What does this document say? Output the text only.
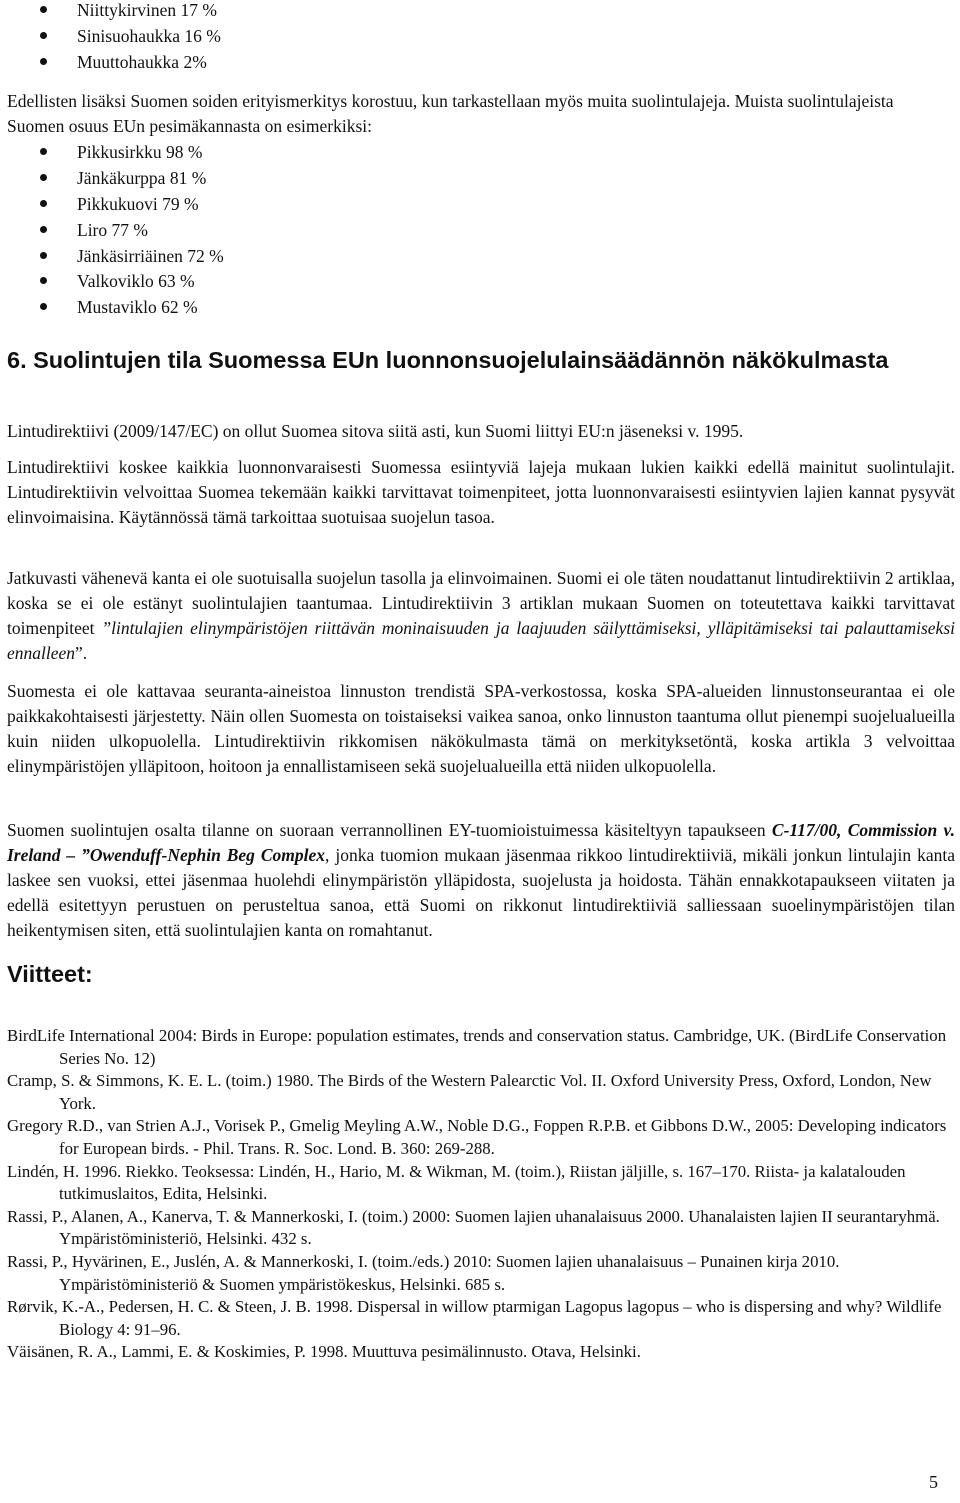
Niittykirvinen 17 %
Sinisuohaukka 16 %
Muuttohaukka 2%

Edellisten lisäksi Suomen soiden erityismerkitys korostuu, kun tarkastellaan myös muita suolintulajeja. Muista suolintulajeista Suomen osuus EUn pesimäkannasta on esimerkiksi:

Pikkusirkku 98 %
Jänkäkurppa 81 %
Pikkukuovi 79 %
Liro 77 %
Jänkäsirriäinen 72 %
Valkoviklo 63 %
Mustaviklo 62 %
6. Suolintujen tila Suomessa EUn luonnonsuojelulainsäädännön näkökulmasta

Lintudirektiivi (2009/147/EC) on ollut Suomea sitova siitä asti, kun Suomi liittyi EU:n jäseneksi v. 1995.

Lintudirektiivi koskee kaikkia luonnonvaraisesti Suomessa esiintyviä lajeja mukaan lukien kaikki edellä mainitut suolintulajit. Lintudirektiivin velvoittaa Suomea tekemään kaikki tarvittavat toimenpiteet, jotta luonnonvaraisesti esiintyvien lajien kannat pysyvät elinvoimaisina. Käytännössä tämä tarkoittaa suotuisaa suojelun tasoa.

Jatkuvasti vähenevä kanta ei ole suotuisalla suojelun tasolla ja elinvoimainen. Suomi ei ole täten noudattanut lintudirektiivin 2 artiklaa, koska se ei ole estänyt suolintulajien taantumaa. Lintudirektiivin 3 artiklan mukaan Suomen on toteutettava kaikki tarvittavat toimenpiteet ”lintulajien elinympäristöjen riittävän moninaisuuden ja laajuuden säilyttämiseksi, ylläpitämiseksi tai palauttamiseksi ennalleen”.

Suomesta ei ole kattavaa seuranta-aineistoa linnuston trendistä SPA-verkostossa, koska SPA-alueiden linnustonseurantaa ei ole paikkakohtaisesti järjestetty. Näin ollen Suomesta on toistaiseksi vaikea sanoa, onko linnuston taantuma ollut pienempi suojelualueilla kuin niiden ulkopuolella. Lintudirektiivin rikkomisen näkökulmasta tämä on merkityksetöntä, koska artikla 3 velvoittaa elinympäristöjen ylläpitoon, hoitoon ja ennallistamiseen sekä suojelualueilla että niiden ulkopuolella.

Suomen suolintujen osalta tilanne on suoraan verrannollinen EY-tuomioistuimessa käsiteltyyn tapaukseen C-117/00, Commission v. Ireland – ”Owenduff-Nephin Beg Complex, jonka tuomion mukaan jäsenmaa rikkoo lintudirektiiviä, mikäli jonkun lintulajin kanta laskee sen vuoksi, ettei jäsenmaa huolehdi elinympäristön ylläpidosta, suojelusta ja hoidosta. Tähän ennakkotapaukseen viitaten ja edellä esitettyyn perustuen on perusteltua sanoa, että Suomi on rikkonut lintudirektiiviä salliessaan suoelinympäristöjen tilan heikentymisen siten, että suolintulajien kanta on romahtanut.

Viitteet:
BirdLife International 2004: Birds in Europe: population estimates, trends and conservation status. Cambridge, UK. (BirdLife Conservation Series No. 12)
Cramp, S. & Simmons, K. E. L. (toim.) 1980. The Birds of the Western Palearctic Vol. II. Oxford University Press, Oxford, London, New York.
Gregory R.D., van Strien A.J., Vorisek P., Gmelig Meyling A.W., Noble D.G., Foppen R.P.B. et Gibbons D.W., 2005: Developing indicators for European birds. - Phil. Trans. R. Soc. Lond. B. 360: 269-288.
Lindén, H. 1996. Riekko. Teoksessa: Lindén, H., Hario, M. & Wikman, M. (toim.), Riistan jäljille, s. 167–170. Riista- ja kalatalouden tutkimuslaitos, Edita, Helsinki.
Rassi, P., Alanen, A., Kanerva, T. & Mannerkoski, I. (toim.) 2000: Suomen lajien uhanalaisuus 2000. Uhanalaisten lajien II seurantaryhmä. Ympäristöministeriö, Helsinki. 432 s.
Rassi, P., Hyvärinen, E., Juslén, A. & Mannerkoski, I. (toim./eds.) 2010: Suomen lajien uhanalaisuus – Punainen kirja 2010. Ympäristöministeriö & Suomen ympäristökeskus, Helsinki. 685 s.
Rørvik, K.-A., Pedersen, H. C. & Steen, J. B. 1998. Dispersal in willow ptarmigan Lagopus lagopus – who is dispersing and why? Wildlife Biology 4: 91–96.
Väisänen, R. A., Lammi, E. & Koskimies, P. 1998. Muuttuva pesimälinnusto. Otava, Helsinki.
5
